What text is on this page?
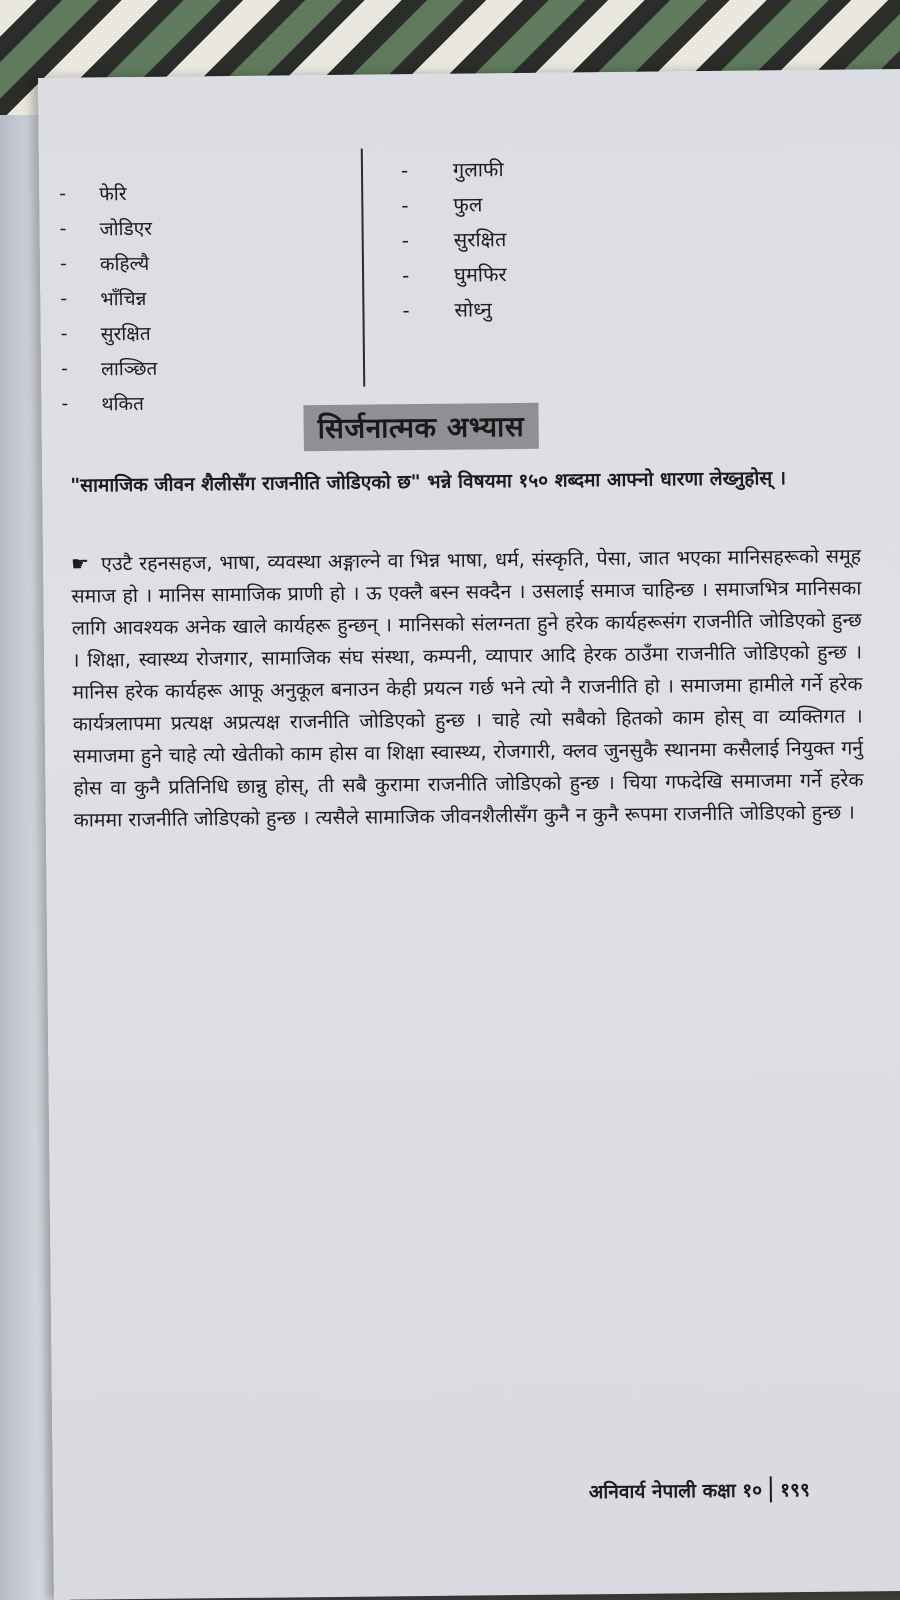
-	फेरि
-	जोडिएर
-	कहिल्यै
-	भाँचिन्न
-	सुरक्षित
-	लाञ्छित
-	थकित
-	गुलाफी
-	फुल
-	सुरक्षित
-	घुमफिर
-	सोध्नु
सिर्जनात्मक अभ्यास
"सामाजिक जीवन शैलीसँग राजनीति जोडिएको छ" भन्ने विषयमा १५० शब्दमा आफ्नो धारणा लेख्नुहोस् ।
☛ एउटै रहनसहज, भाषा, व्यवस्था अङ्गाल्ने वा भिन्न भाषा, धर्म, संस्कृति, पेसा, जात भएका मानिसहरूको समूह समाज हो । मानिस सामाजिक प्राणी हो । ऊ एक्लै बस्न सक्दैन । उसलाई समाज चाहिन्छ । समाजभित्र मानिसका लागि आवश्यक अनेक खाले कार्यहरू हुन्छन् । मानिसको संलग्नता हुने हरेक कार्यहरूसंग राजनीति जोडिएको हुन्छ । शिक्षा, स्वास्थ्य रोजगार, सामाजिक संघ संस्था, कम्पनी, व्यापार आदि हेरक ठाउँमा राजनीति जोडिएको हुन्छ । मानिस हरेक कार्यहरू आफू अनुकूल बनाउन केही प्रयत्न गर्छ भने त्यो नै राजनीति हो । समाजमा हामीले गर्ने हरेक कार्यत्रलापमा प्रत्यक्ष अप्रत्यक्ष राजनीति जोडिएको हुन्छ । चाहे त्यो सबैको हितको काम होस् वा व्यक्तिगत । समाजमा हुने चाहे त्यो खेतीको काम होस वा शिक्षा स्वास्थ्य, रोजगारी, क्लव जुनसुकै स्थानमा कसैलाई नियुक्त गर्नु होस वा कुनै प्रतिनिधि छान्नु होस्, ती सबै कुरामा राजनीति जोडिएको हुन्छ । चिया गफदेखि समाजमा गर्ने हरेक काममा राजनीति जोडिएको हुन्छ । त्यसैले सामाजिक जीवनशैलीसँग कुनै न कुनै रूपमा राजनीति जोडिएको हुन्छ ।
अनिवार्य नेपाली कक्षा १० १९९
